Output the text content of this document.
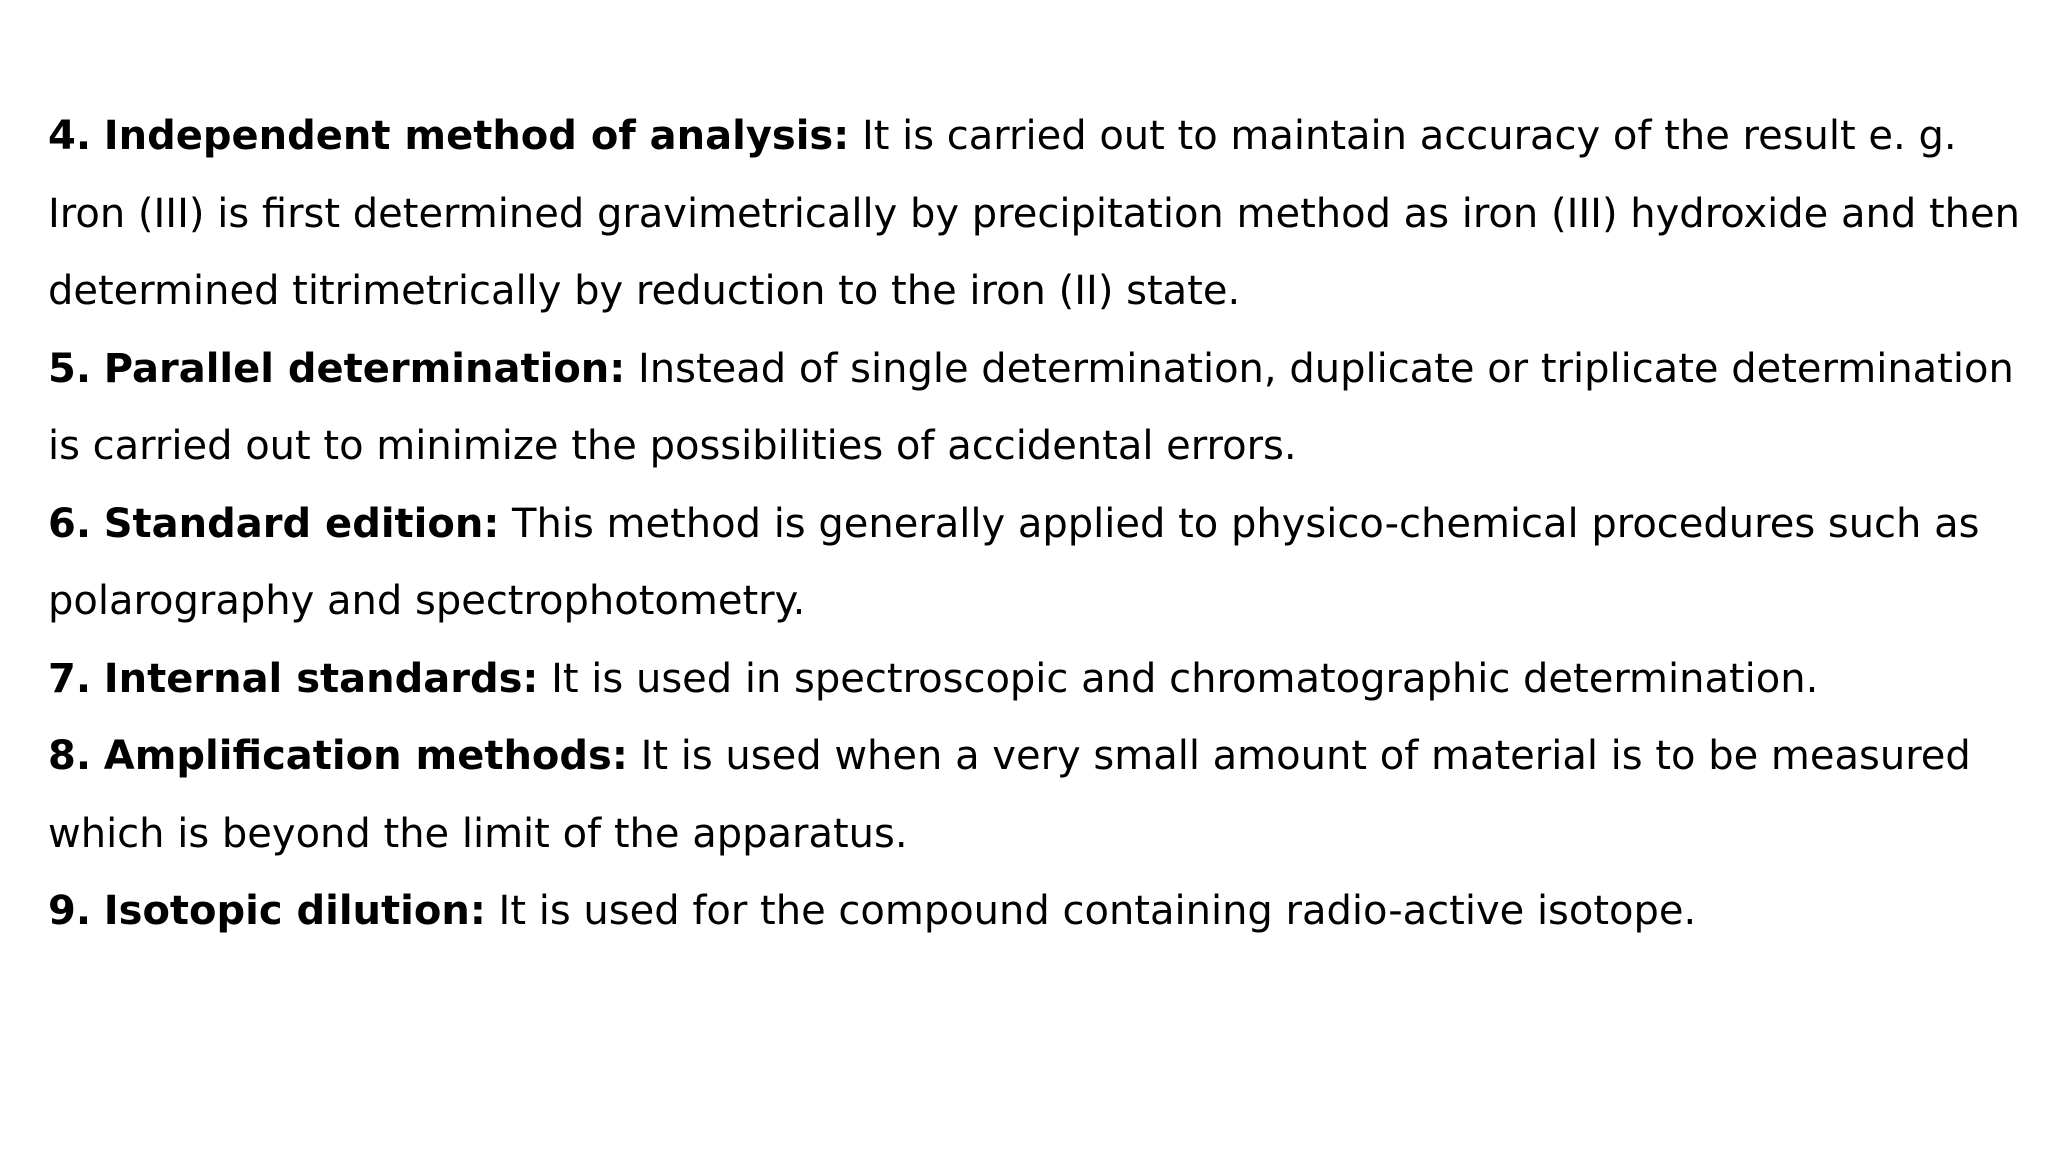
4. Independent method of analysis: It is carried out to maintain accuracy of the result e. g. Iron (III) is first determined gravimetrically by precipitation method as iron (III) hydroxide and then determined titrimetrically by reduction to the iron (II) state.

5. Parallel determination: Instead of single determination, duplicate or triplicate determination is carried out to minimize the possibilities of accidental errors.

6. Standard edition: This method is generally applied to physico-chemical procedures such as polarography and spectrophotometry.

7. Internal standards: It is used in spectroscopic and chromatographic determination.

8. Amplification methods: It is used when a very small amount of material is to be measured which is beyond the limit of the apparatus.

9. Isotopic dilution: It is used for the compound containing radio-active isotope.
